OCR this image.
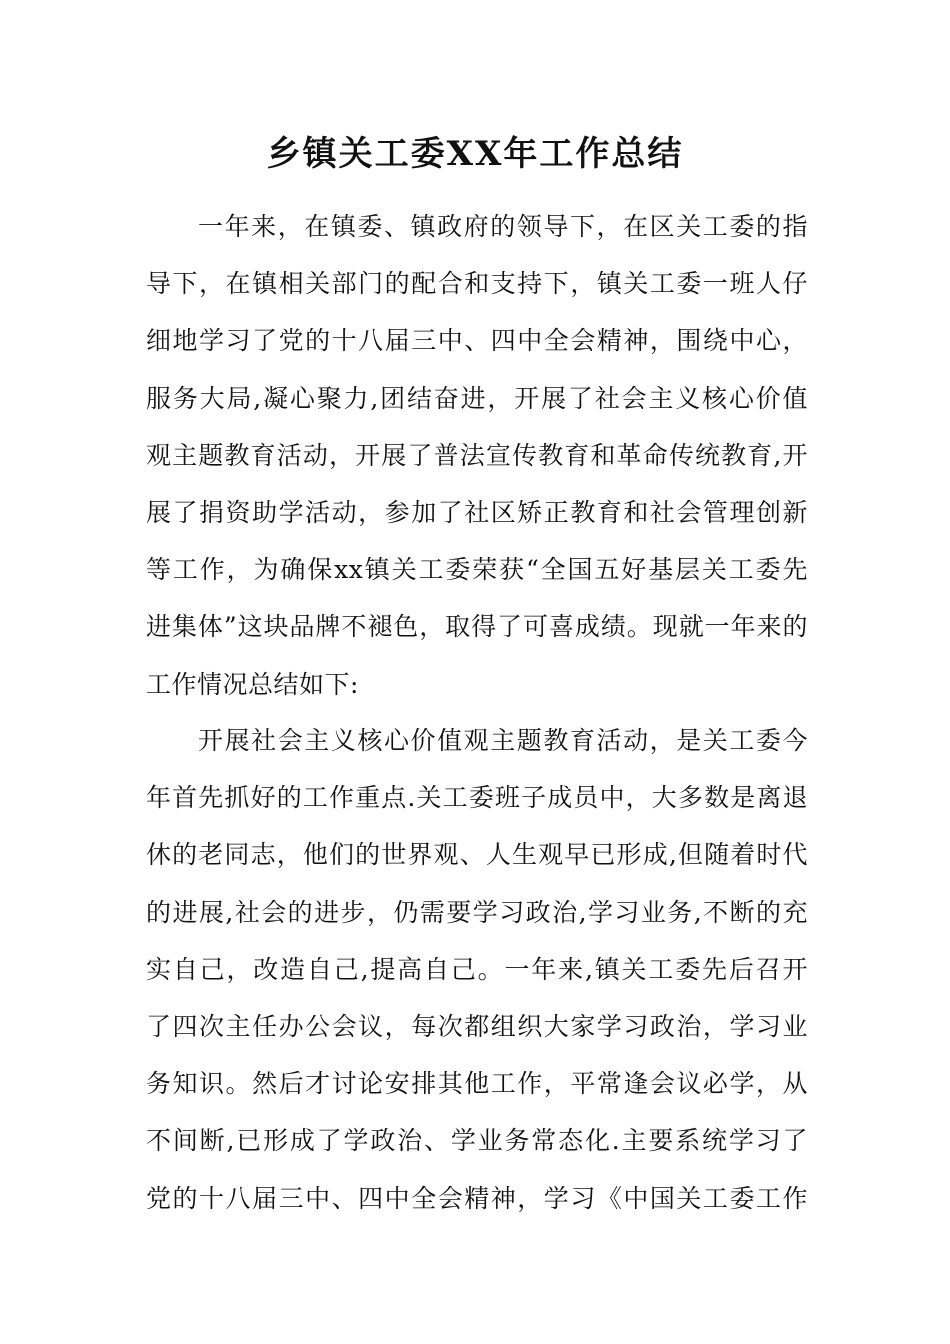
乡镇关工委XX年工作总结
一年来，在镇委、镇政府的领导下，在区关工委的指
导下，在镇相关部门的配合和支持下，镇关工委一班人仔
细地学习了党的十八届三中、四中全会精神，围绕中心，
服务大局,凝心聚力,团结奋进，开展了社会主义核心价值
观主题教育活动，开展了普法宣传教育和革命传统教育,开
展了捐资助学活动，参加了社区矫正教育和社会管理创新
等工作，为确保xx镇关工委荣获“全国五好基层关工委先
进集体”这块品牌不褪色，取得了可喜成绩。现就一年来的
工作情况总结如下:
开展社会主义核心价值观主题教育活动，是关工委今
年首先抓好的工作重点.关工委班子成员中，大多数是离退
休的老同志，他们的世界观、人生观早已形成,但随着时代
的进展,社会的进步，仍需要学习政治,学习业务,不断的充
实自己，改造自己,提高自己。一年来,镇关工委先后召开
了四次主任办公会议，每次都组织大家学习政治，学习业
务知识。然后才讨论安排其他工作，平常逢会议必学，从
不间断,已形成了学政治、学业务常态化.主要系统学习了
党的十八届三中、四中全会精神，学习《中国关工委工作
